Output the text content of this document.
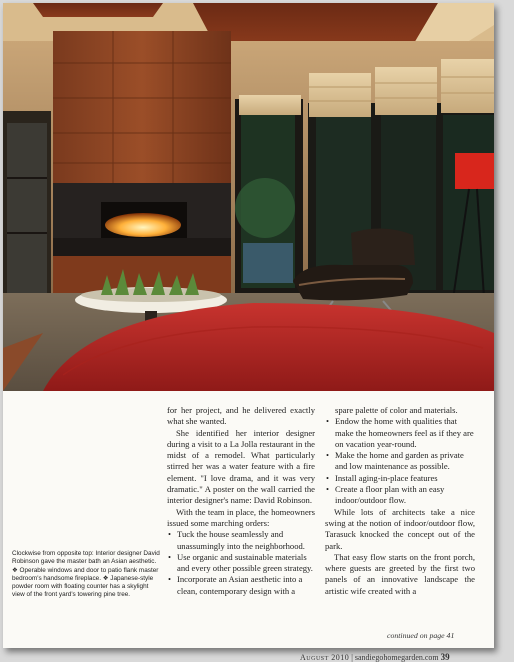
Clockwise from opposite top: Interior designer David Robinson gave the master bath an Asian aesthetic. ❖ Operable windows and door to patio flank master bedroom's handsome fireplace. ❖ Japanese-style powder room with floating counter has a skylight view of the front yard's towering pine tree.

for her project, and he delivered exactly what she wanted.

She identified her interior designer during a visit to a La Jolla restaurant in the midst of a remodel. What particularly stirred her was a water feature with a fire element. "I love drama, and it was very dramatic." A poster on the wall carried the interior designer's name: David Robinson.

With the team in place, the homeowners issued some marching orders:

• Tuck the house seamlessly and unassumingly into the neighborhood.
• Use organic and sustainable materials and every other possible green strategy.
• Incorporate an Asian aesthetic into a clean, contemporary design with a

spare palette of color and materials.

• Endow the home with qualities that make the homeowners feel as if they are on vacation year-round.
• Make the home and garden as private and low maintenance as possible.
• Install aging-in-place features
• Create a floor plan with an easy indoor/outdoor flow.

While lots of architects take a nice swing at the notion of indoor/outdoor flow, Tarasuck knocked the concept out of the park.

That easy flow starts on the front porch, where guests are greeted by the first two panels of an innovative landscape the artistic wife created with a

continued on page 41
August 2010 | sandiegohomegarden.com 39
